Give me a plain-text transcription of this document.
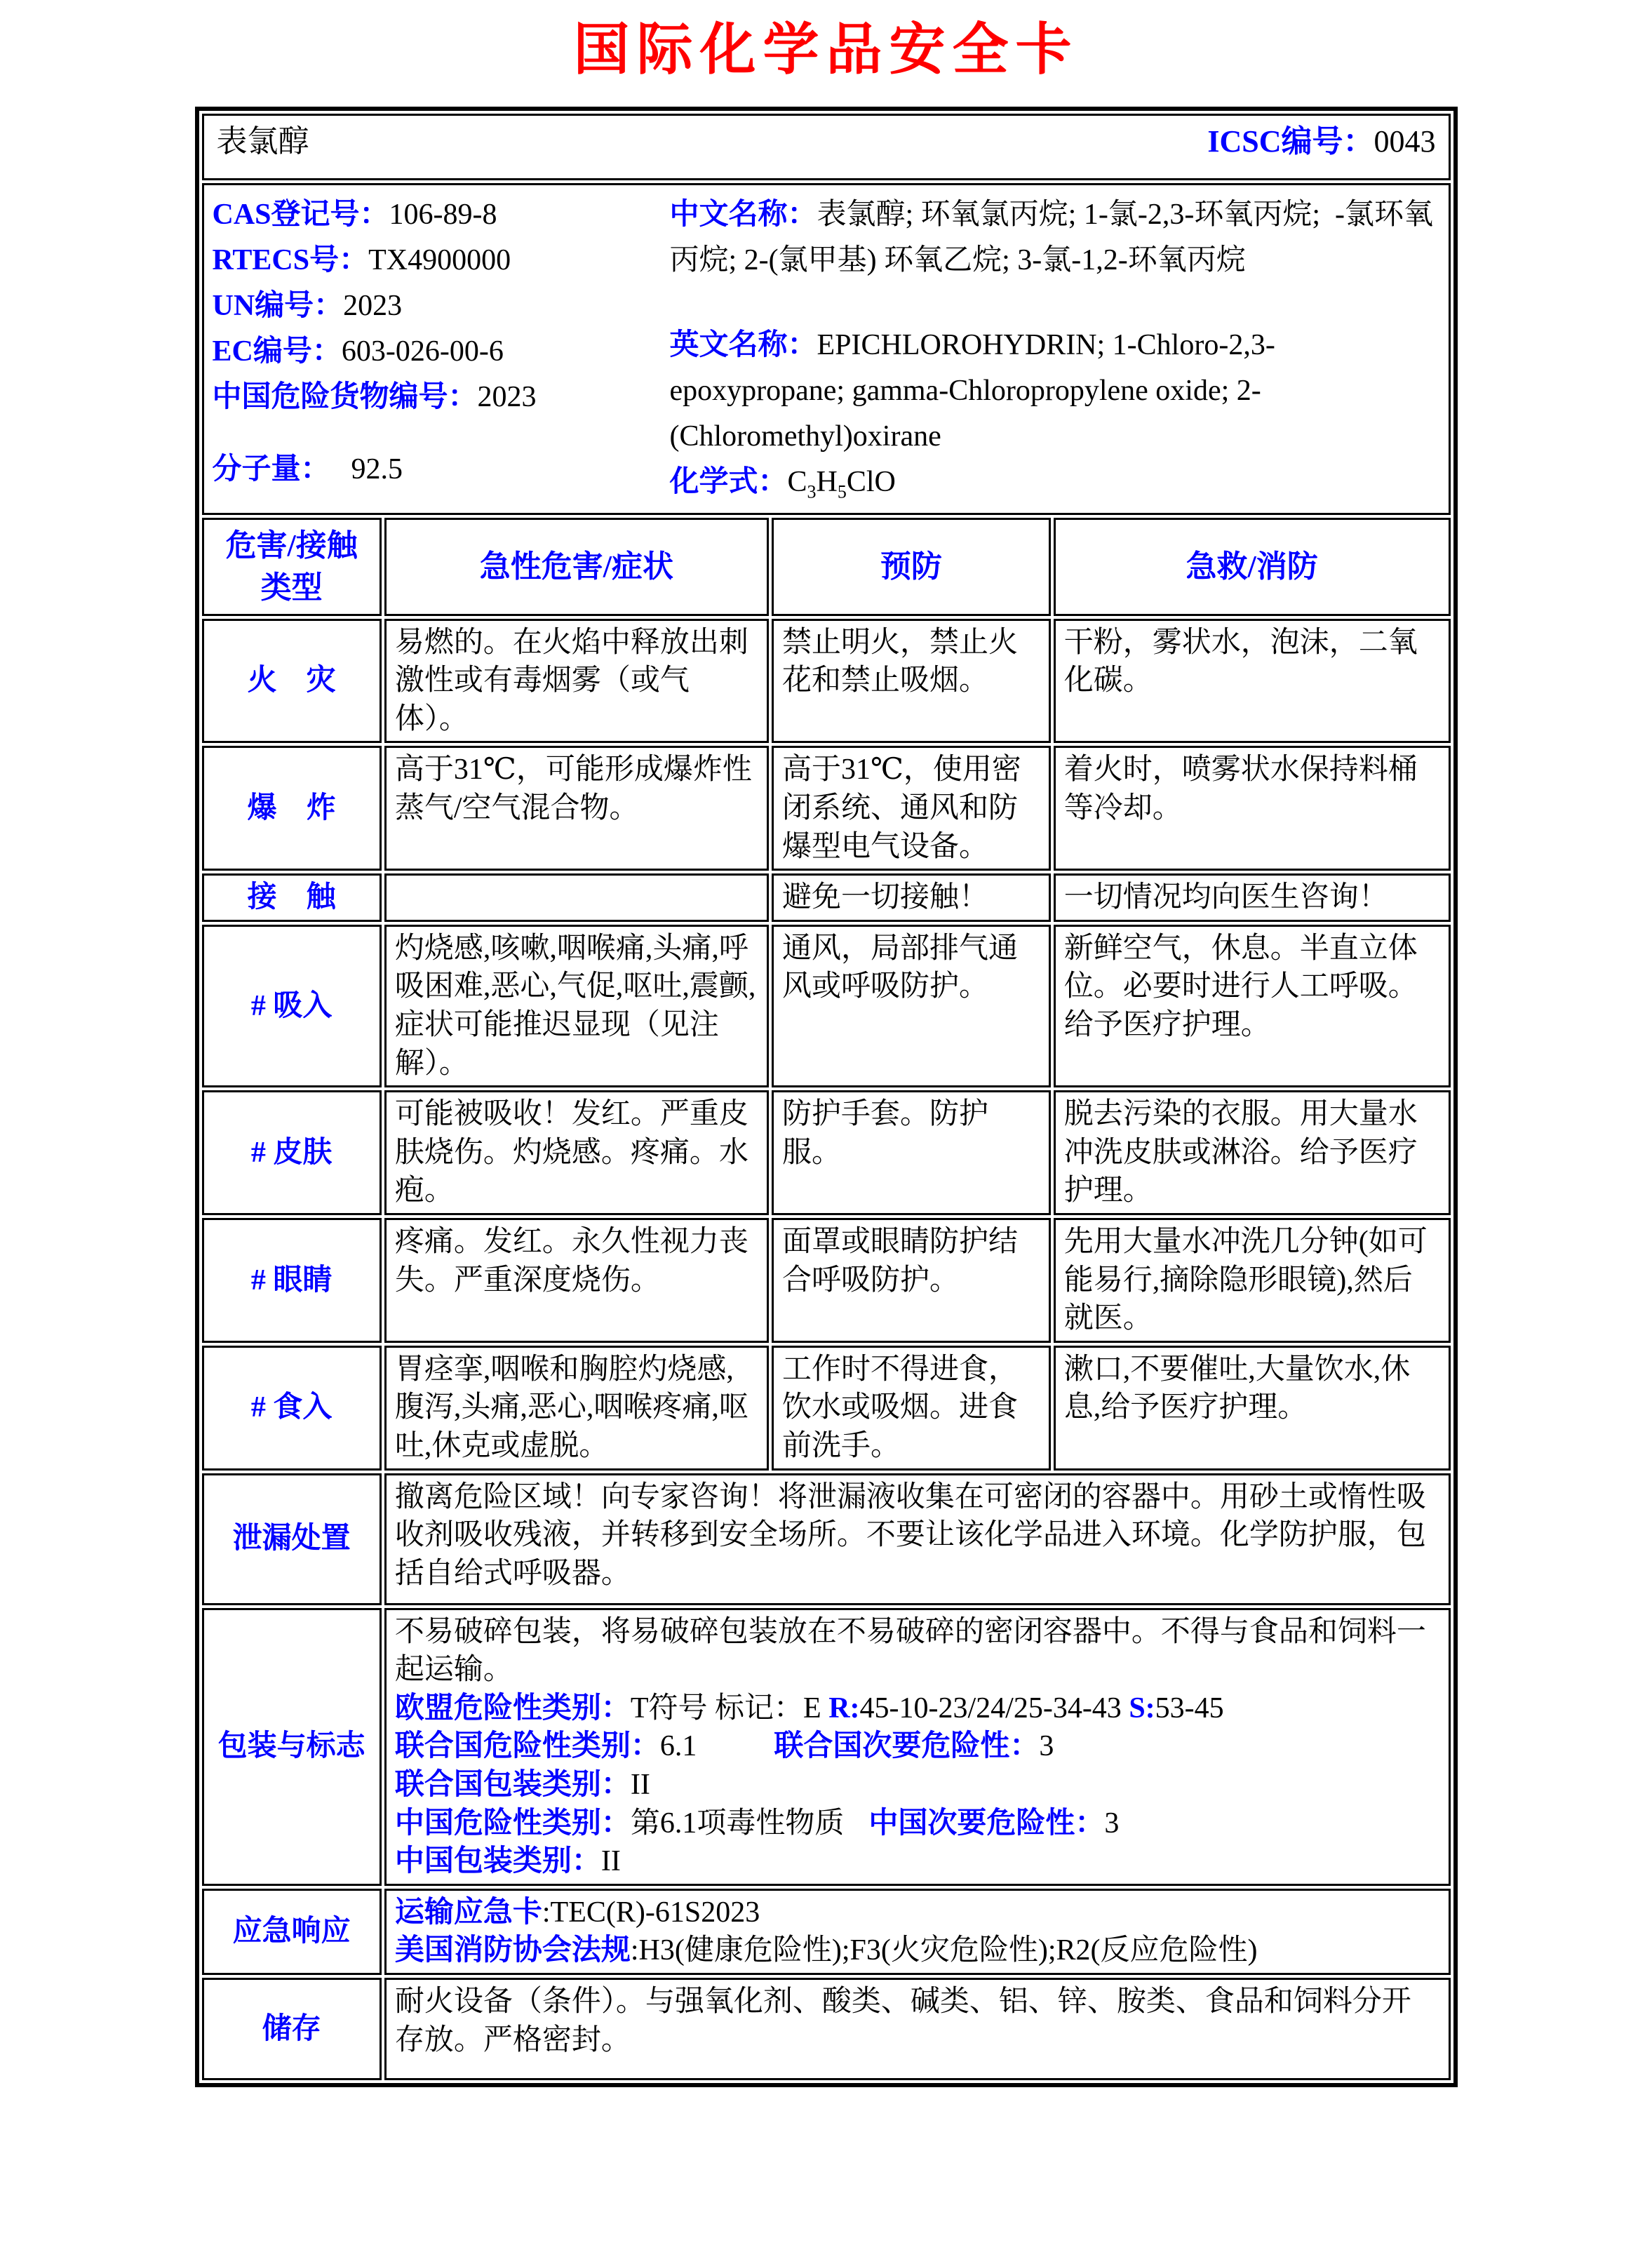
国际化学品安全卡
表氯醇 ICSC编号：0043			

CAS登记号：106-89-8
RTECS号：TX4900000
UN编号：2023
EC编号：603-026-00-6
中国危险货物编号：2023
分子量： 92.5
中文名称：表氯醇; 环氧氯丙烷; 1-氯-2,3-环氧丙烷;  -氯环氧丙烷; 2-(氯甲基) 环氧乙烷; 3-氯-1,2-环氧丙烷
英文名称：EPICHLOROHYDRIN; 1-Chloro-2,3-epoxypropane; gamma-Chloropropylene oxide; 2-(Chloromethyl)oxirane
化学式：$C_3H_5ClO$

危害/接触
类型	急性危害/症状	预防	急救/消防
火　灾	易燃的。在火焰中释放出刺激性或有毒烟雾（或气体）。	禁止明火，禁止火花和禁止吸烟。	干粉，雾状水，泡沫，二氧化碳。
爆　炸	高于31℃，可能形成爆炸性蒸气/空气混合物。	高于31℃，使用密闭系统、通风和防爆型电气设备。	着火时，喷雾状水保持料桶等冷却。
接　触		避免一切接触！	一切情况均向医生咨询！
# 吸入	灼烧感,咳嗽,咽喉痛,头痛,呼吸困难,恶心,气促,呕吐,震颤,症状可能推迟显现（见注解）。	通风，局部排气通风或呼吸防护。	新鲜空气，休息。半直立体位。必要时进行人工呼吸。给予医疗护理。
# 皮肤	可能被吸收！发红。严重皮肤烧伤。灼烧感。疼痛。水疱。	防护手套。防护服。	脱去污染的衣服。用大量水冲洗皮肤或淋浴。给予医疗护理。
# 眼睛	疼痛。发红。永久性视力丧失。严重深度烧伤。	面罩或眼睛防护结合呼吸防护。	先用大量水冲洗几分钟(如可能易行,摘除隐形眼镜),然后就医。
# 食入	胃痉挛,咽喉和胸腔灼烧感,腹泻,头痛,恶心,咽喉疼痛,呕吐,休克或虚脱。	工作时不得进食，饮水或吸烟。进食前洗手。	漱口,不要催吐,大量饮水,休息,给予医疗护理。
泄漏处置	撤离危险区域！向专家咨询！将泄漏液收集在可密闭的容器中。用砂土或惰性吸收剂吸收残液，并转移到安全场所。不要让该化学品进入环境。化学防护服，包括自给式呼吸器。		
包装与标志	
不易破碎包装，将易破碎包装放在不易破碎的密闭容器中。不得与食品和饲料一起运输。
欧盟危险性类别：T符号 标记：E R:45-10-23/24/25-34-43 S:53-45
联合国危险性类别：6.1	联合国次要危险性：3
联合国包装类别：II
中国危险性类别：第6.1项毒性物质 中国次要危险性：3
中国包装类别：II

应急响应	运输应急卡:TEC(R)-61S2023
美国消防协会法规:H3(健康危险性);F3(火灾危险性);R2(反应危险性)		

储存	耐火设备（条件）。与强氧化剂、酸类、碱类、铝、锌、胺类、食品和饲料分开存放。严格密封。		
